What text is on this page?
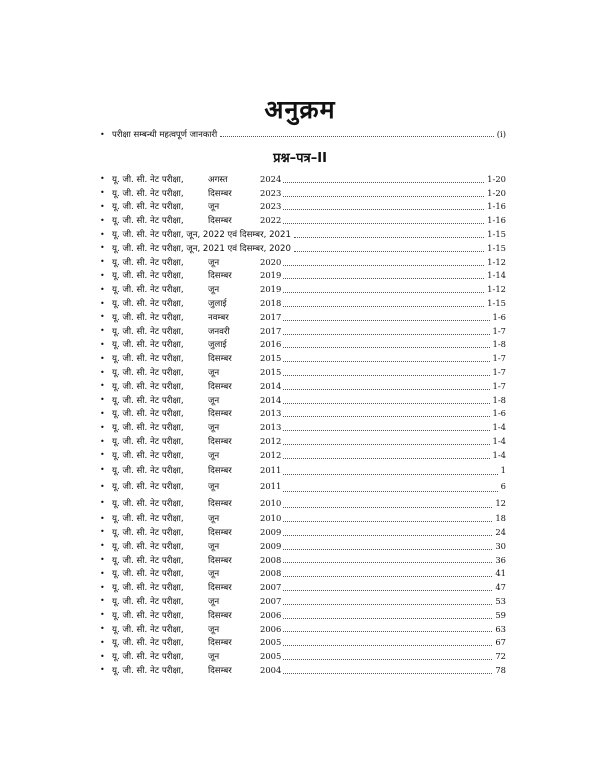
अनुक्रम
• परीक्षा सम्बन्धी महत्वपूर्ण जानकारी	(i)
प्रश्न–पत्र–II
• यू. जी. सी. नेट परीक्षा,	अगस्त	2024	1-20
• यू. जी. सी. नेट परीक्षा,	दिसम्बर	2023	1-20
• यू. जी. सी. नेट परीक्षा,	जून	2023	1-16
• यू. जी. सी. नेट परीक्षा,	दिसम्बर	2022	1-16
• यू. जी. सी. नेट परीक्षा, जून, 2022 एवं दिसम्बर, 2021	1-15
• यू. जी. सी. नेट परीक्षा, जून, 2021 एवं दिसम्बर, 2020	1-15
• यू. जी. सी. नेट परीक्षा,	जून	2020	1-12
• यू. जी. सी. नेट परीक्षा,	दिसम्बर	2019	1-14
• यू. जी. सी. नेट परीक्षा,	जून	2019	1-12
• यू. जी. सी. नेट परीक्षा,	जुलाई	2018	1-15
• यू. जी. सी. नेट परीक्षा,	नवम्बर	2017	1-6
• यू. जी. सी. नेट परीक्षा,	जनवरी	2017	1-7
• यू. जी. सी. नेट परीक्षा,	जुलाई	2016	1-8
• यू. जी. सी. नेट परीक्षा,	दिसम्बर	2015	1-7
• यू. जी. सी. नेट परीक्षा,	जून	2015	1-7
• यू. जी. सी. नेट परीक्षा,	दिसम्बर	2014	1-7
• यू. जी. सी. नेट परीक्षा,	जून	2014	1-8
• यू. जी. सी. नेट परीक्षा,	दिसम्बर	2013	1-6
• यू. जी. सी. नेट परीक्षा,	जून	2013	1-4
• यू. जी. सी. नेट परीक्षा,	दिसम्बर	2012	1-4
• यू. जी. सी. नेट परीक्षा,	जून	2012	1-4
• यू. जी. सी. नेट परीक्षा,	दिसम्बर	2011	1
• यू. जी. सी. नेट परीक्षा,	जून	2011	6
• यू. जी. सी. नेट परीक्षा,	दिसम्बर	2010	12
• यू. जी. सी. नेट परीक्षा,	जून	2010	18
• यू. जी. सी. नेट परीक्षा,	दिसम्बर	2009	24
• यू. जी. सी. नेट परीक्षा,	जून	2009	30
• यू. जी. सी. नेट परीक्षा,	दिसम्बर	2008	36
• यू. जी. सी. नेट परीक्षा,	जून	2008	41
• यू. जी. सी. नेट परीक्षा,	दिसम्बर	2007	47
• यू. जी. सी. नेट परीक्षा,	जून	2007	53
• यू. जी. सी. नेट परीक्षा,	दिसम्बर	2006	59
• यू. जी. सी. नेट परीक्षा,	जून	2006	63
• यू. जी. सी. नेट परीक्षा,	दिसम्बर	2005	67
• यू. जी. सी. नेट परीक्षा,	जून	2005	72
• यू. जी. सी. नेट परीक्षा,	दिसम्बर	2004	78
